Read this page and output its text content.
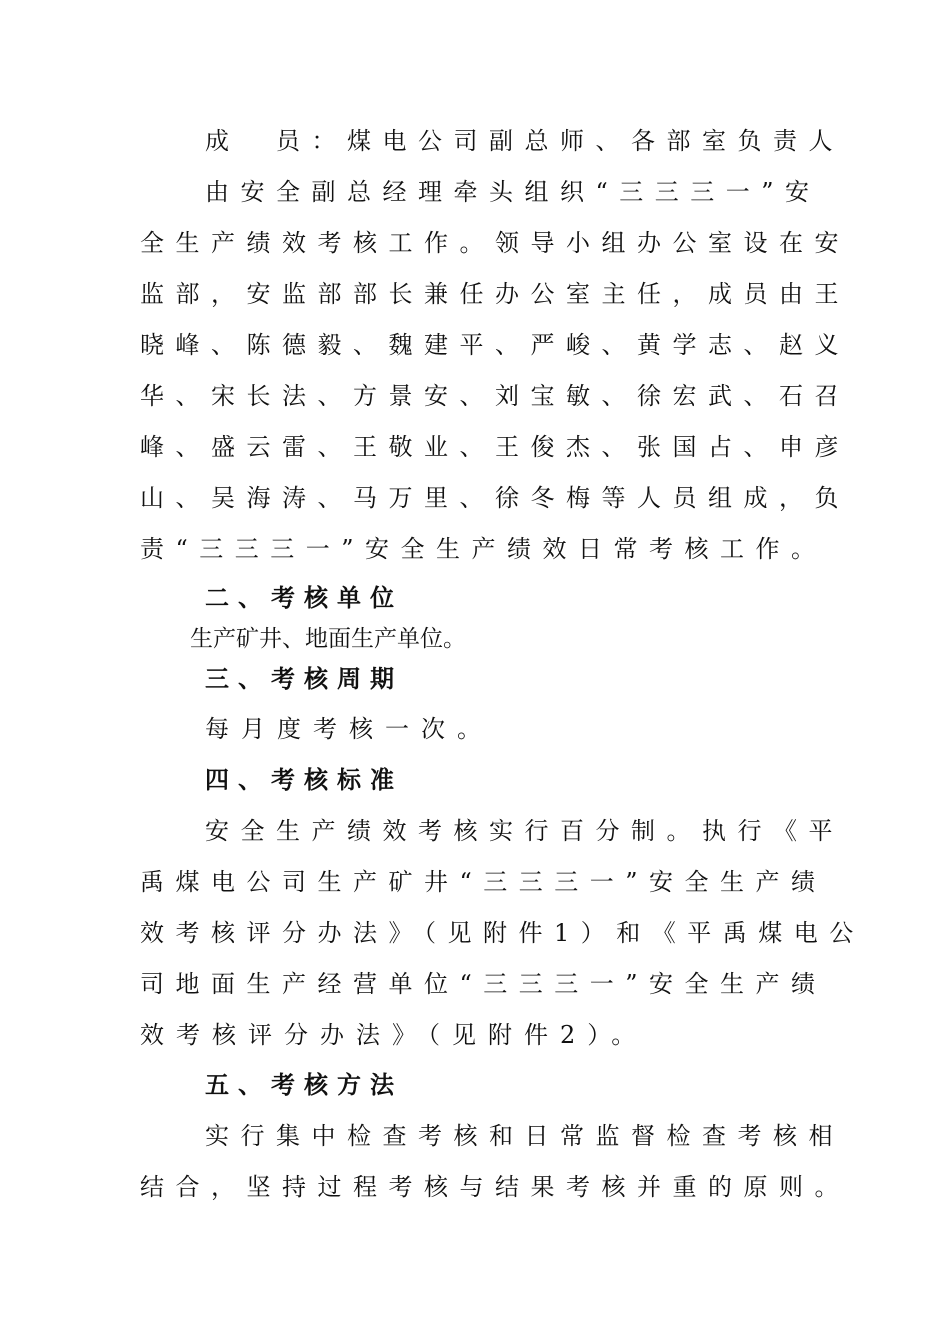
成　员：煤电公司副总师、各部室负责人
由安全副总经理牵头组织“三三三一”安
全生产绩效考核工作。领导小组办公室设在安
监部，安监部部长兼任办公室主任，成员由王
晓峰、陈德毅、魏建平、严峻、黄学志、赵义
华、宋长法、方景安、刘宝敏、徐宏武、石召
峰、盛云雷、王敬业、王俊杰、张国占、申彦
山、吴海涛、马万里、徐冬梅等人员组成，负
责“三三三一”安全生产绩效日常考核工作。
二、考核单位
生产矿井、地面生产单位。
三、考核周期
每月度考核一次。
四、考核标准
安全生产绩效考核实行百分制。执行《平
禹煤电公司生产矿井“三三三一”安全生产绩
效考核评分办法》（见附件1）和《平禹煤电公
司地面生产经营单位“三三三一”安全生产绩
效考核评分办法》（见附件2）。
五、考核方法
实行集中检查考核和日常监督检查考核相
结合，坚持过程考核与结果考核并重的原则。
